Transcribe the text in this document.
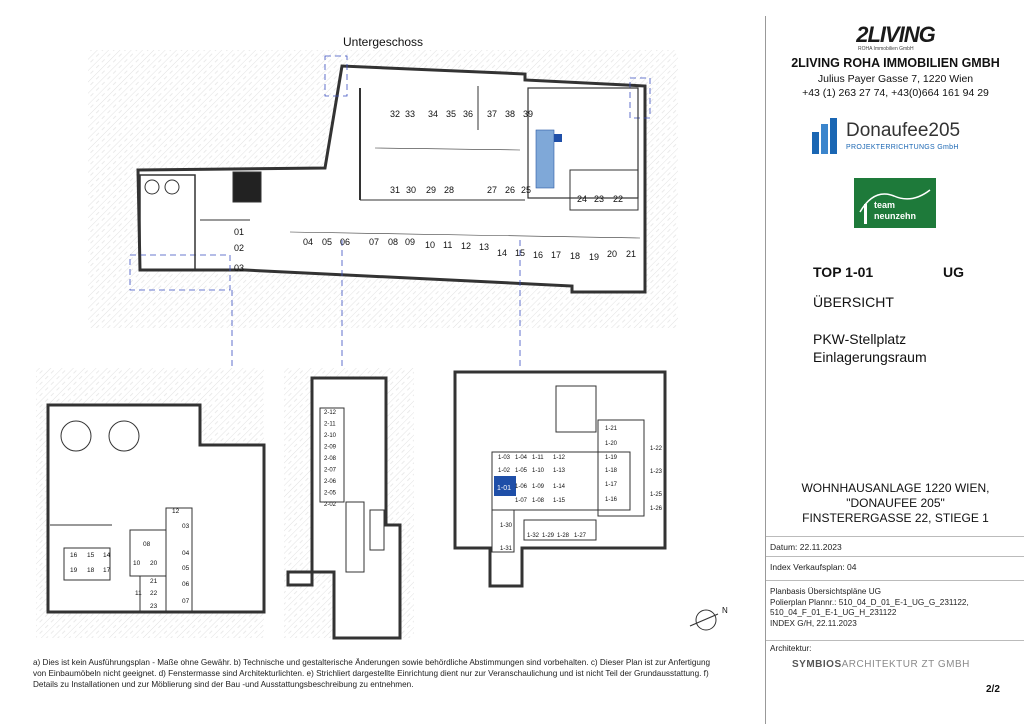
32 33 34 35 36 37 38 39
31 30 29 28	27 26 25
24 23 22
01
02
03
04 05 06 07 08 09 10 11 12 13
14 15 16 17 18 19 20 21
16 15 14
19 18 17
08
10 20
21
11 22
23
12
03
04
05
06
07
2-12
2-11
2-10
2-09
2-08
2-07
2-06
2-05
2-02
1-03 1-04 1-11 1-12
1-02 1-05 1-10 1-13
1-01 1-06 1-09 1-14
1-07 1-08 1-15
1-21
1-20
1-19
1-18
1-17
1-16
1-22
1-23
1-25
1-26
1-30
1-31
1-32 1-29 1-28 1-27
Untergeschoss
N
a) Dies ist kein Ausführungsplan - Maße ohne Gewähr. b) Technische und gestalterische Änderungen sowie behördliche Abstimmungen sind vorbehalten. c) Dieser Plan ist zur Anfertigung von Einbaumöbeln nicht geeignet. d) Fenstermasse sind Architekturlichten. e) Strichliert dargestellte Einrichtung dient nur zur Veranschaulichung und ist nicht Teil der Grundausstattung. f) Details zu Installationen und zur Möblierung sind der Bau -und Ausstattungsbeschreibung zu entnehmen.
2LIVING
ROHA Immobilien GmbH
2LIVING ROHA IMMOBILIEN GMBH
Julius Payer Gasse 7, 1220 Wien
+43 (1) 263 27 74, +43(0)664 161 94 29
Donaufee205
PROJEKTERRICHTUNGS GmbH
team
neunzehn
TOP 1-01	UG
ÜBERSICHT
PKW-Stellplatz
Einlagerungsraum
WOHNHAUSANLAGE 1220 WIEN,
"DONAUFEE 205"
FINSTERERGASSE 22, STIEGE 1
Datum: 22.11.2023
Index Verkaufsplan: 04
Planbasis Übersichtspläne UG
Polierplan Plannr.: 510_04_D_01_E-1_UG_G_231122,
510_04_F_01_E-1_UG_H_231122
INDEX G/H, 22.11.2023
Architektur:
SYMBIOSARCHITEKTUR ZT GMBH
2/2
